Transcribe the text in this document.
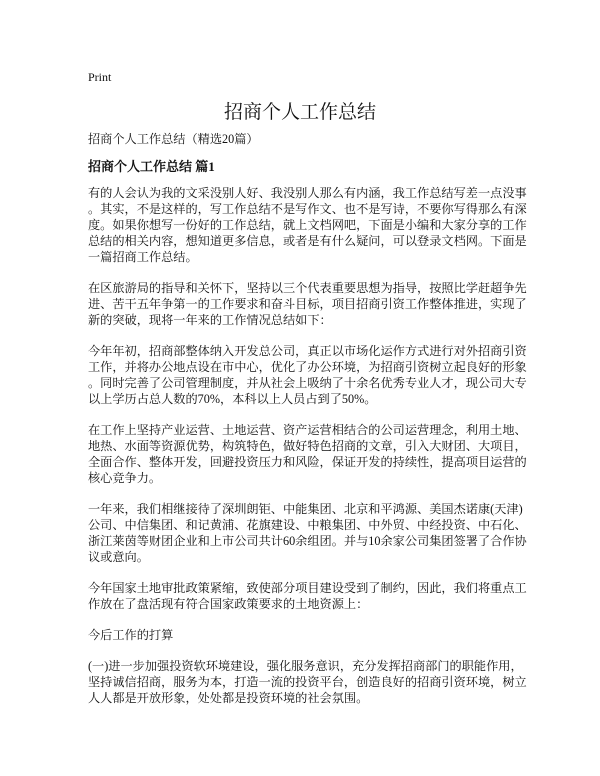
Print
招商个人工作总结

招商个人工作总结（精选20篇）

招商个人工作总结 篇1

有的人会认为我的文采没别人好、我没别人那么有内涵，我工作总结写差一点没事
。其实，不是这样的，写工作总结不是写作文、也不是写诗，不要你写得那么有深
度。如果你想写一份好的工作总结，就上文档网吧，下面是小编和大家分享的工作
总结的相关内容，想知道更多信息，或者是有什么疑问，可以登录文档网。下面是
一篇招商工作总结。

在区旅游局的指导和关怀下，坚持以三个代表重要思想为指导，按照比学赶超争先
进、苦干五年争第一的工作要求和奋斗目标，项目招商引资工作整体推进，实现了
新的突破，现将一年来的工作情况总结如下：

今年年初，招商部整体纳入开发总公司，真正以市场化运作方式进行对外招商引资
工作，并将办公地点设在市中心，优化了办公环境，为招商引资树立起良好的形象
。同时完善了公司管理制度，并从社会上吸纳了十余名优秀专业人才，现公司大专
以上学历占总人数的70%，本科以上人员占到了50%。

在工作上坚持产业运营、土地运营、资产运营相结合的公司运营理念，利用土地、
地热、水面等资源优势，构筑特色，做好特色招商的文章，引入大财团、大项目，
全面合作、整体开发，回避投资压力和风险，保证开发的持续性，提高项目运营的
核心竞争力。

一年来，我们相继接待了深圳朗钜、中能集团、北京和平鸿源、美国杰诺康(天津)
公司、中信集团、和记黄浦、花旗建设、中粮集团、中外贸、中经投资、中石化、
浙江莱茵等财团企业和上市公司共计60余组团。并与10余家公司集团签署了合作协
议或意向。

今年国家土地审批政策紧缩，致使部分项目建设受到了制约，因此，我们将重点工
作放在了盘活现有符合国家政策要求的土地资源上：

今后工作的打算

(一)进一步加强投资软环境建设，强化服务意识，充分发挥招商部门的职能作用，
坚持诚信招商，服务为本，打造一流的投资平台，创造良好的招商引资环境，树立
人人都是开放形象，处处都是投资环境的社会氛围。
